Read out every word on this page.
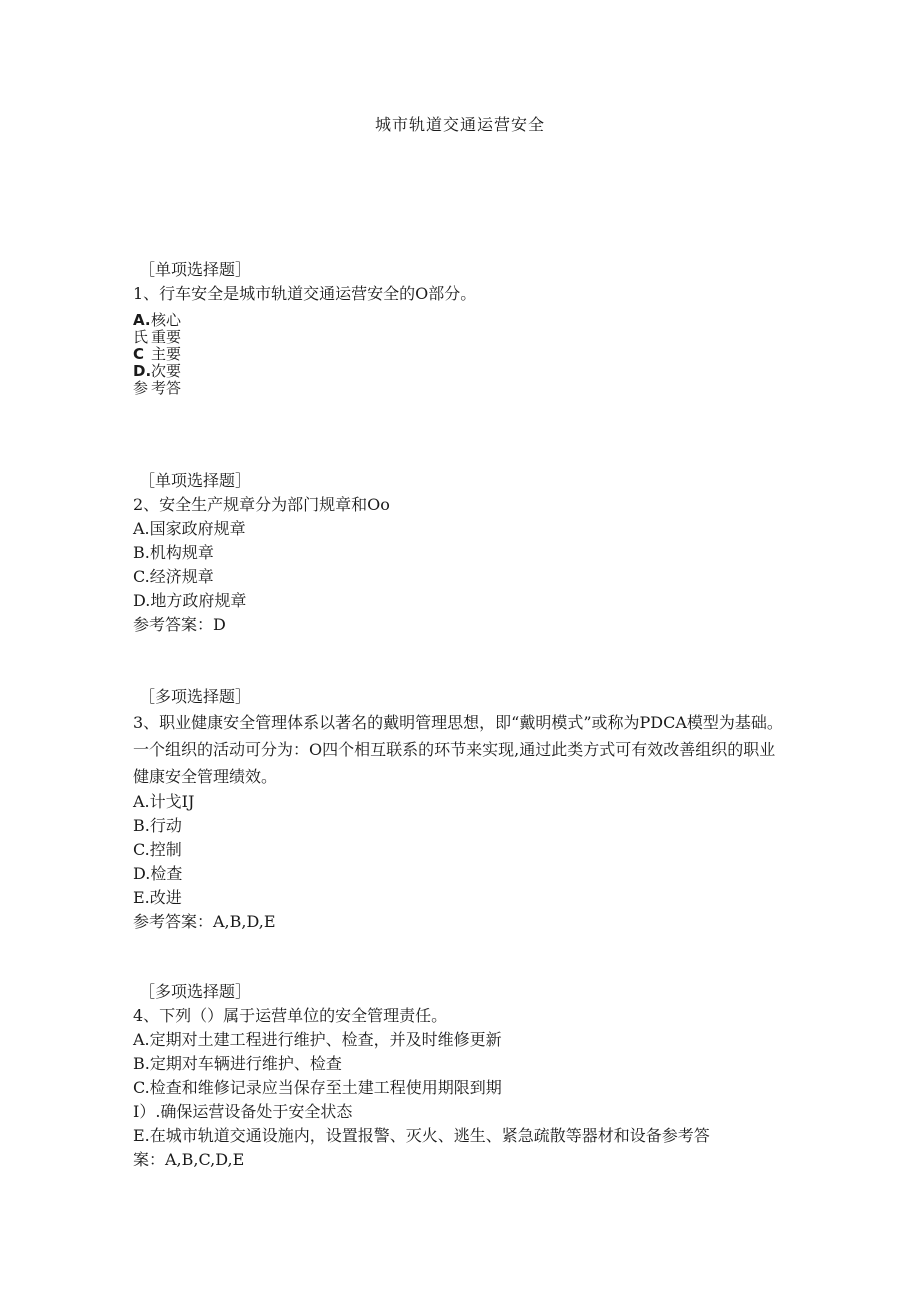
城市轨道交通运营安全
［单项选择题］
1、行车安全是城市轨道交通运营安全的O部分。
A.核心
氏 重要
C 主要
D.次要
参 考答
［单项选择题］
2、安全生产规章分为部门规章和Oo
A.国家政府规章
B.机构规章
C.经济规章
D.地方政府规章
参考答案：D
［多项选择题］
3、职业健康安全管理体系以著名的戴明管理思想，即“戴明模式”或称为PDCA模型为基础。一个组织的活动可分为：O四个相互联系的环节来实现,通过此类方式可有效改善组织的职业健康安全管理绩效。
A.计戈IJ
B.行动
C.控制
D.检查
E.改进
参考答案：A,B,D,E
［多项选择题］
4、下列（）属于运营单位的安全管理责任。
A.定期对土建工程进行维护、检查，并及时维修更新
B.定期对车辆进行维护、检查
C.检查和维修记录应当保存至土建工程使用期限到期
I）.确保运营设备处于安全状态
E.在城市轨道交通设施内，设置报警、灭火、逃生、紧急疏散等器材和设备参考答
案：A,B,C,D,E
